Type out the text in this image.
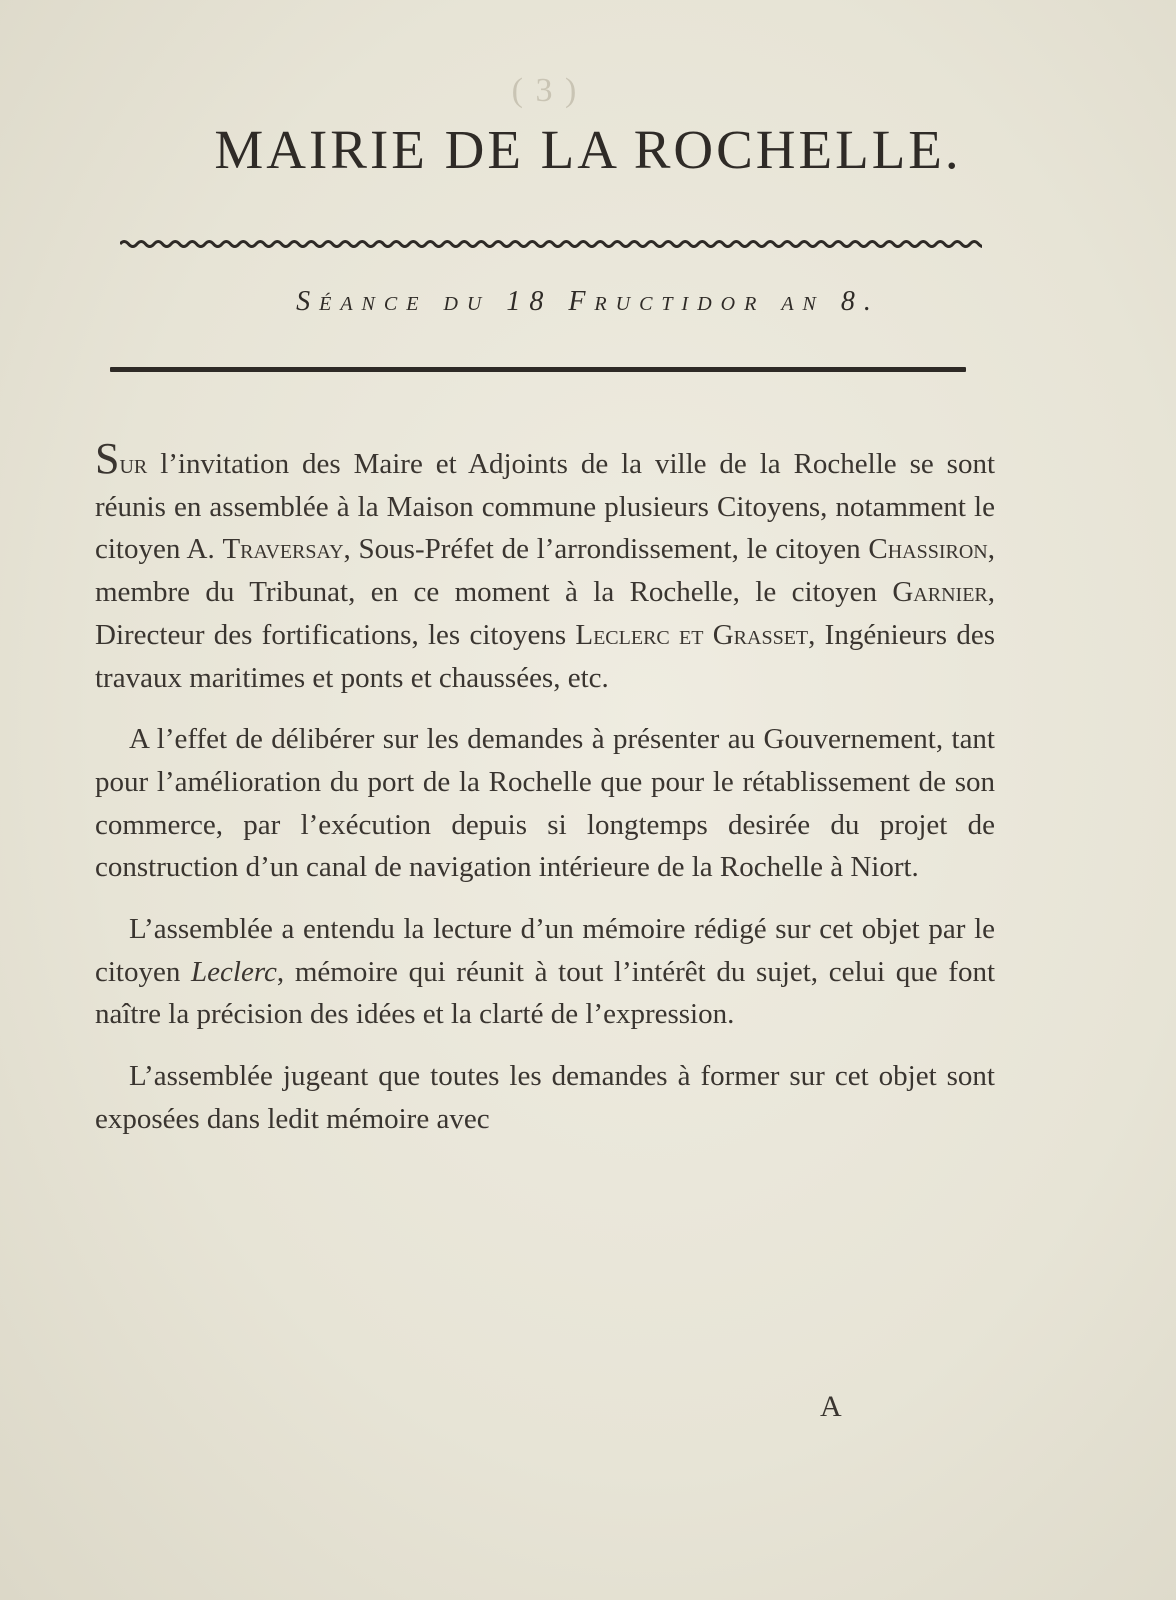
( 3 )
MAIRIE DE LA ROCHELLE.
Séance du 18 Fructidor an 8.

Sur l’invitation des Maire et Adjoints de la ville de la Rochelle se sont réunis en assemblée à la Maison commune plusieurs Citoyens, notamment le citoyen A. Traversay, Sous-Préfet de l’arrondissement, le citoyen Chassiron, membre du Tribunat, en ce moment à la Rochelle, le citoyen Garnier, Directeur des fortifications, les citoyens Leclerc et Grasset, Ingénieurs des travaux maritimes et ponts et chaussées, etc.

A l’effet de délibérer sur les demandes à présenter au Gouvernement, tant pour l’amélioration du port de la Rochelle que pour le rétablissement de son commerce, par l’exécution depuis si longtemps desirée du projet de construction d’un canal de navigation intérieure de la Rochelle à Niort.

L’assemblée a entendu la lecture d’un mémoire rédigé sur cet objet par le citoyen Leclerc, mémoire qui réunit à tout l’intérêt du sujet, celui que font naître la précision des idées et la clarté de l’expression.

L’assemblée jugeant que toutes les demandes à former sur cet objet sont exposées dans ledit mémoire avec

A
